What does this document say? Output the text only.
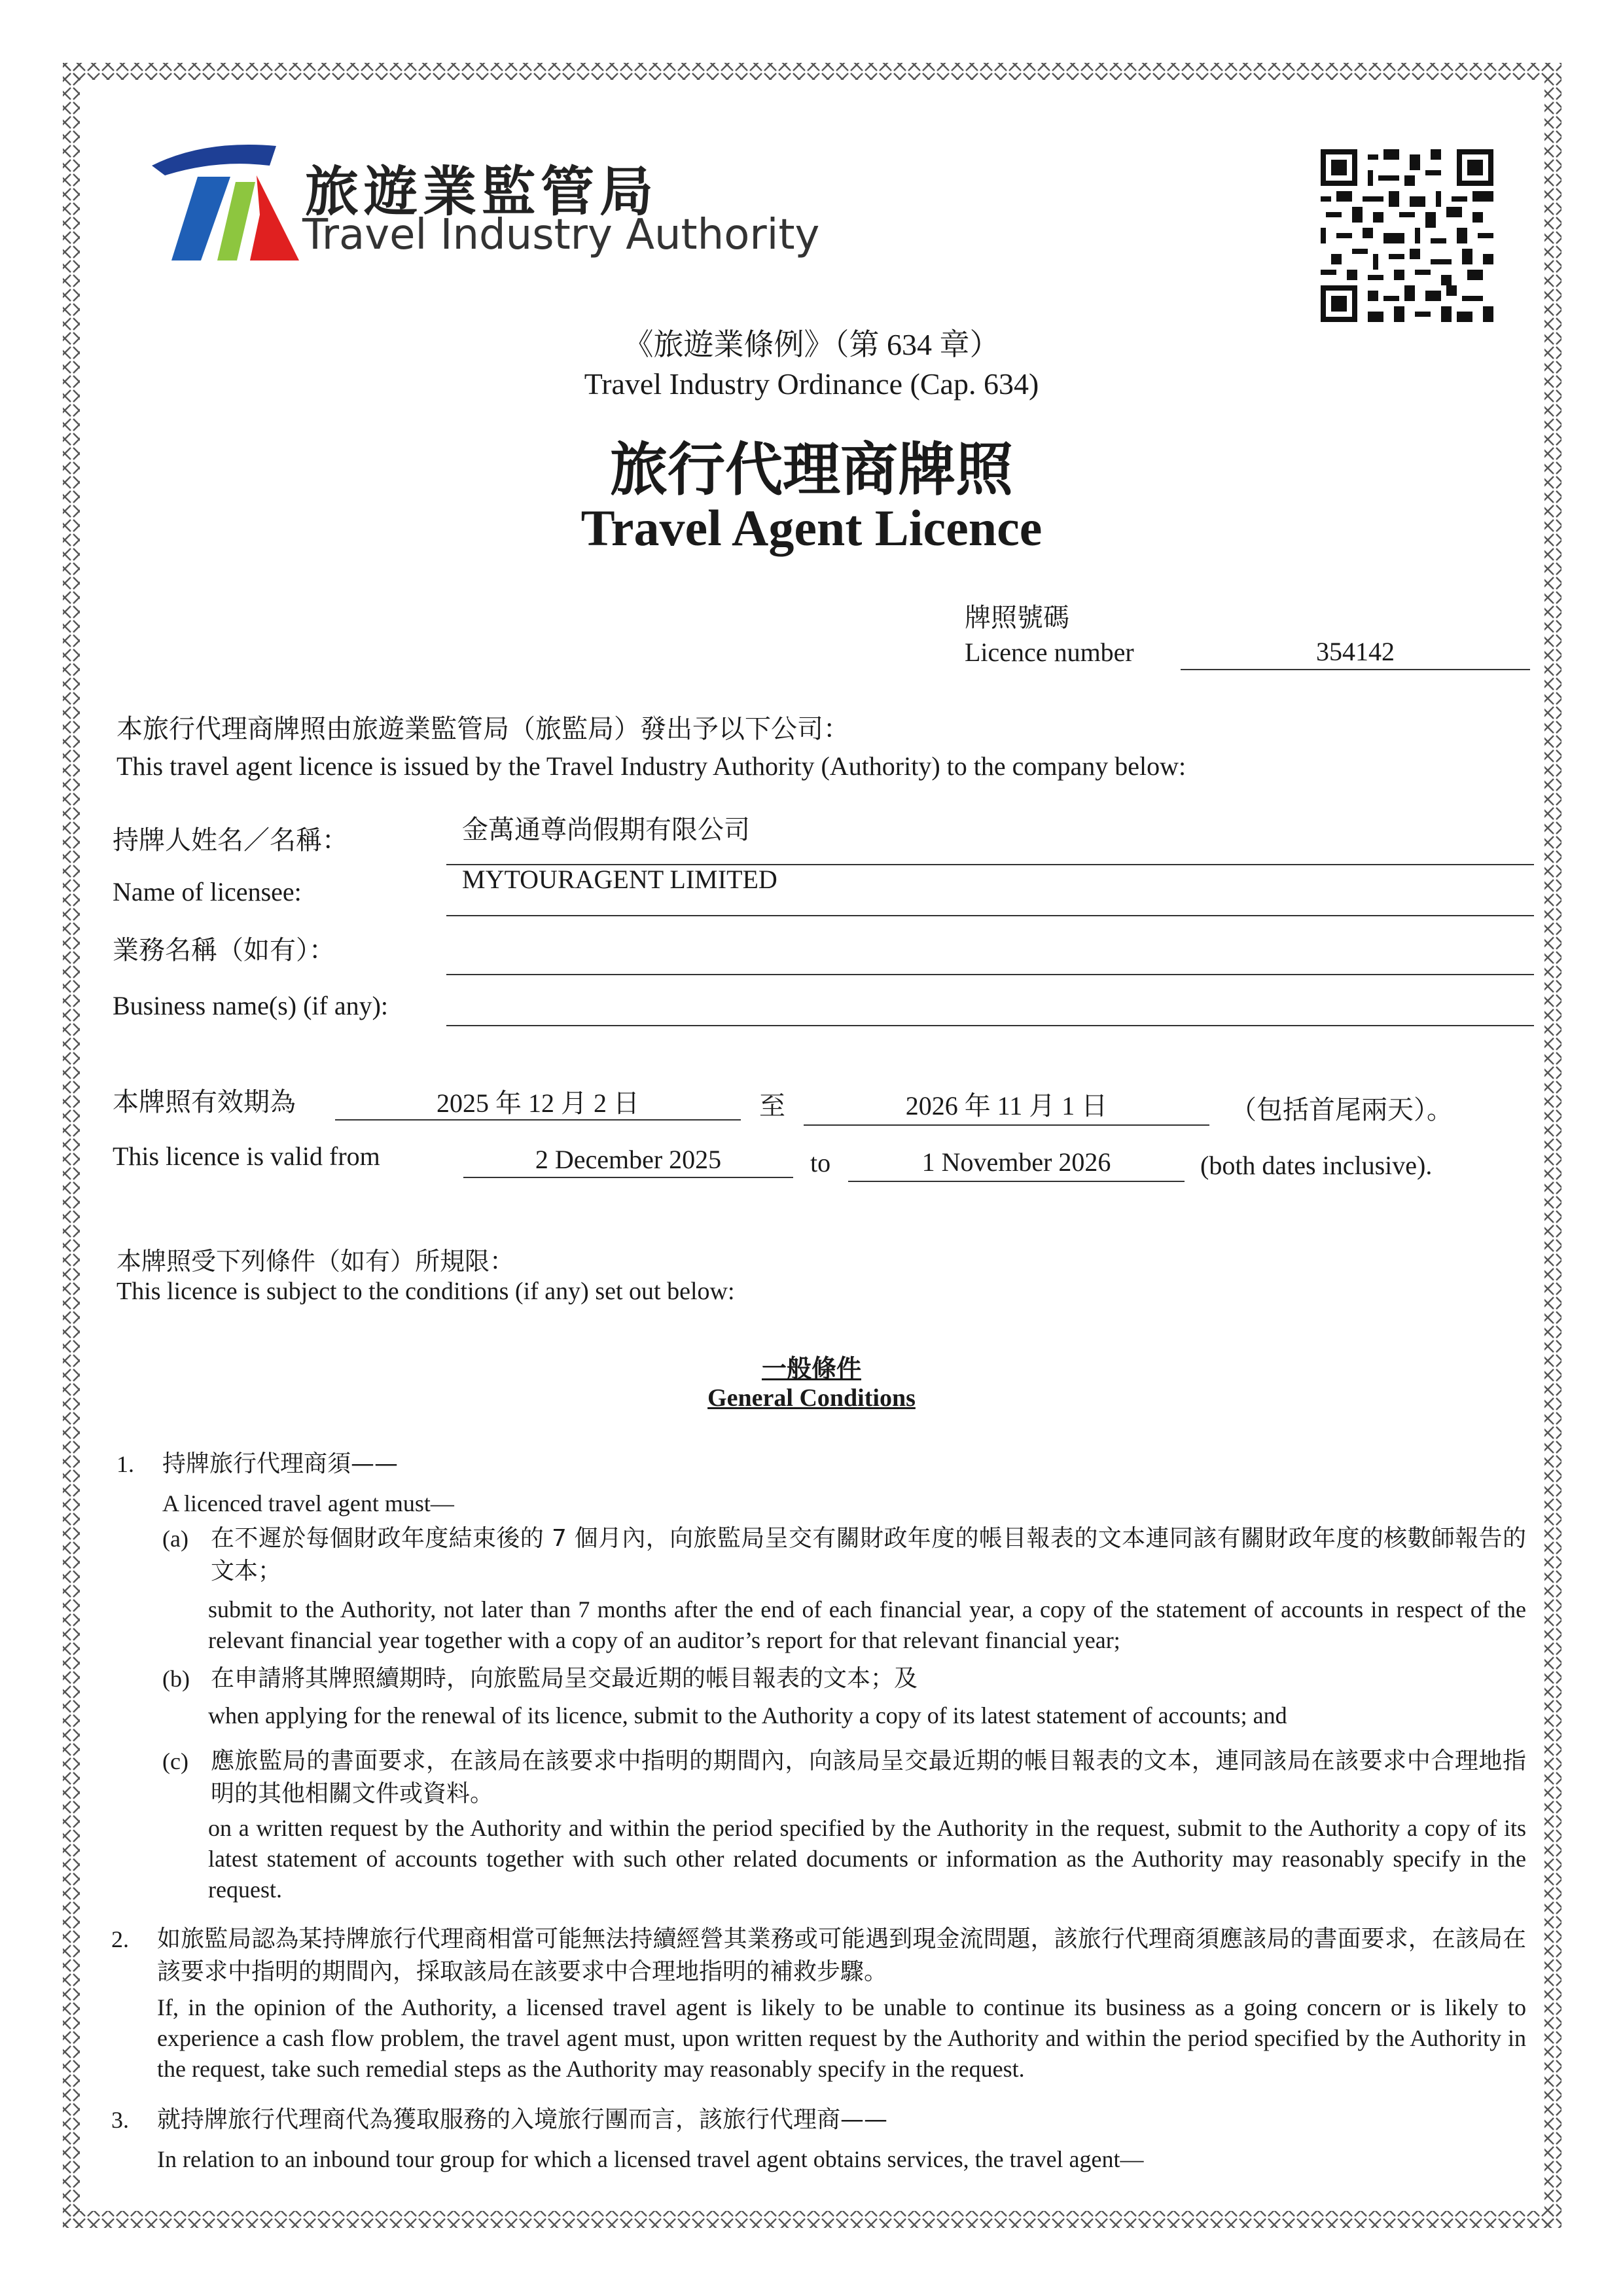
旅遊業監管局
Travel Industry Authority
《旅遊業條例》（第 634 章）
Travel Industry Ordinance (Cap. 634)
旅行代理商牌照
Travel Agent Licence
牌照號碼
Licence number	354142
本旅行代理商牌照由旅遊業監管局（旅監局）發出予以下公司：
This travel agent licence is issued by the Travel Industry Authority (Authority) to the company below:
持牌人姓名／名稱：	金萬通尊尚假期有限公司
Name of licensee:	MYTOURAGENT LIMITED
業務名稱（如有）：
Business name(s) (if any):
本牌照有效期為	2025 年 12 月 2 日	至	2026 年 11 月 1 日	（包括首尾兩天）。
This licence is valid from	2 December 2025	to	1 November 2026	(both dates inclusive).
本牌照受下列條件（如有）所規限：
This licence is subject to the conditions (if any) set out below:
一般條件
General Conditions
1. 持牌旅行代理商須——
A licenced travel agent must—
(a) 在不遲於每個財政年度結束後的 7 個月內，向旅監局呈交有關財政年度的帳目報表的文本連同該有關財政年度的核數師報告的文本；
submit to the Authority, not later than 7 months after the end of each financial year, a copy of the statement of accounts in respect of the relevant financial year together with a copy of an auditor’s report for that relevant financial year;
(b) 在申請將其牌照續期時，向旅監局呈交最近期的帳目報表的文本；及
when applying for the renewal of its licence, submit to the Authority a copy of its latest statement of accounts; and
(c) 應旅監局的書面要求，在該局在該要求中指明的期間內，向該局呈交最近期的帳目報表的文本，連同該局在該要求中合理地指明的其他相關文件或資料。
on a written request by the Authority and within the period specified by the Authority in the request, submit to the Authority a copy of its latest statement of accounts together with such other related documents or information as the Authority may reasonably specify in the request.
2. 如旅監局認為某持牌旅行代理商相當可能無法持續經營其業務或可能遇到現金流問題，該旅行代理商須應該局的書面要求，在該局在該要求中指明的期間內，採取該局在該要求中合理地指明的補救步驟。
If, in the opinion of the Authority, a licensed travel agent is likely to be unable to continue its business as a going concern or is likely to experience a cash flow problem, the travel agent must, upon written request by the Authority and within the period specified by the Authority in the request, take such remedial steps as the Authority may reasonably specify in the request.
3. 就持牌旅行代理商代為獲取服務的入境旅行團而言，該旅行代理商——
In relation to an inbound tour group for which a licensed travel agent obtains services, the travel agent—
